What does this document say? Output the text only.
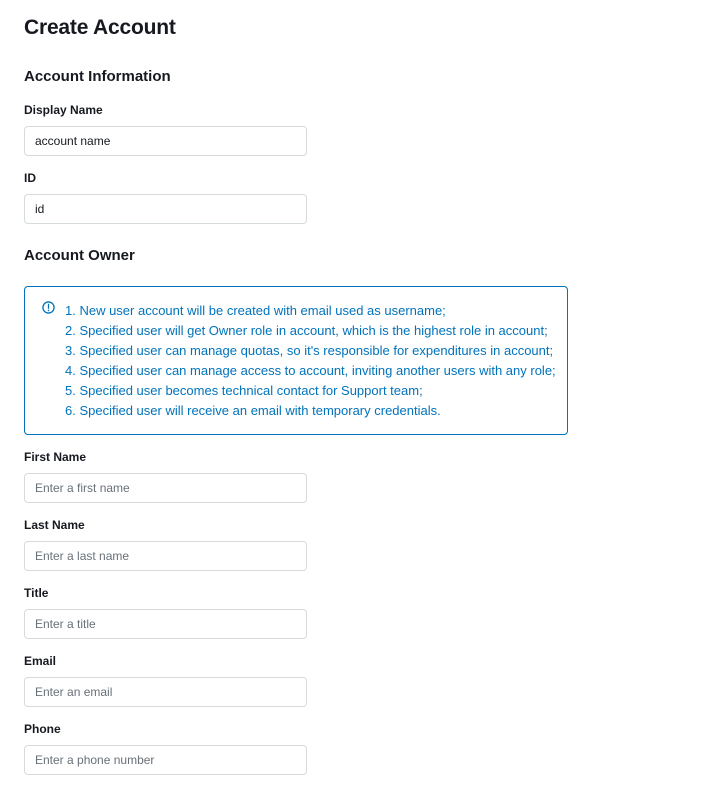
Create Account
Account Information
Display Name
account name
ID
id
Account Owner
1. New user account will be created with email used as username;
2. Specified user will get Owner role in account, which is the highest role in account;
3. Specified user can manage quotas, so it's responsible for expenditures in account;
4. Specified user can manage access to account, inviting another users with any role;
5. Specified user becomes technical contact for Support team;
6. Specified user will receive an email with temporary credentials.
First Name
Enter a first name
Last Name
Enter a last name
Title
Enter a title
Email
Enter an email
Phone
Enter a phone number
